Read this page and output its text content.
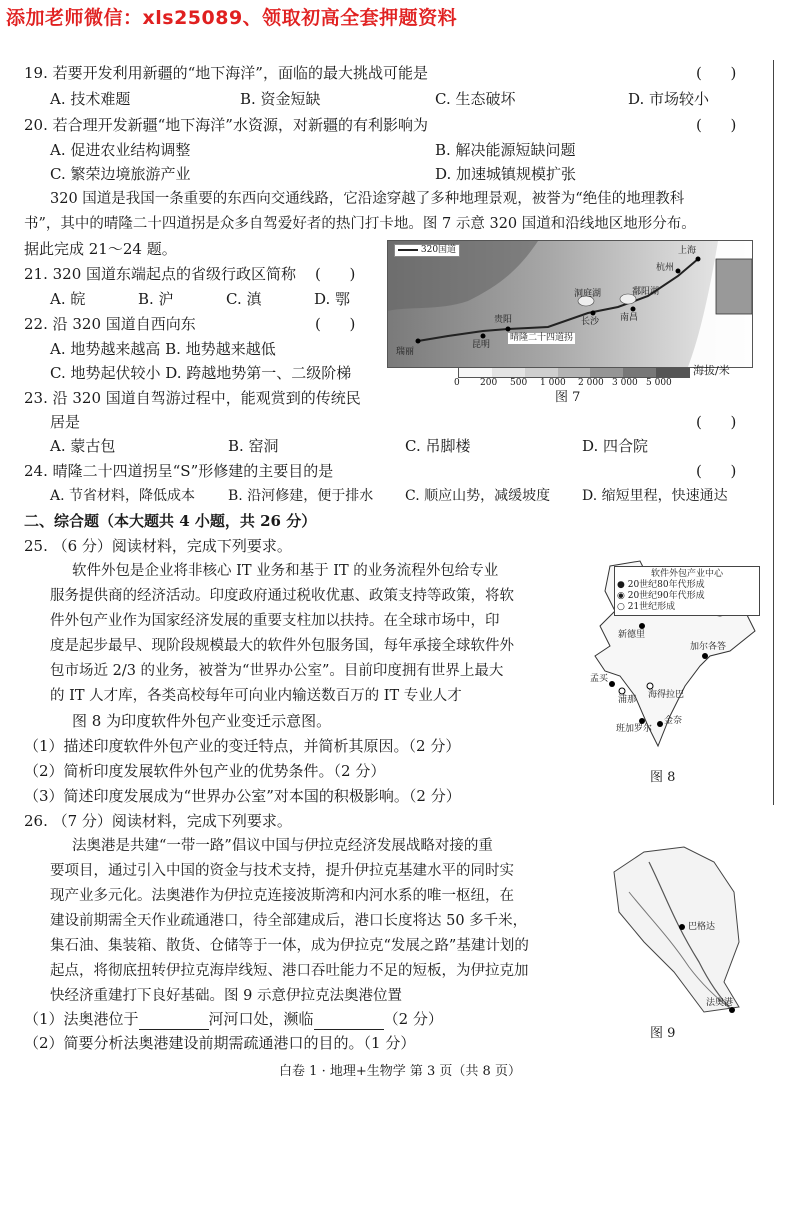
添加老师微信：xls25089、领取初高全套押题资料
19. 若要开发利用新疆的“地下海洋”，面临的最大挑战可能是	(      )
A. 技术难题	B. 资金短缺	C. 生态破坏	D. 市场较小
20. 若合理开发新疆“地下海洋”水资源，对新疆的有利影响为	(      )
A. 促进农业结构调整	B. 解决能源短缺问题
C. 繁荣边境旅游产业	D. 加速城镇规模扩张
320 国道是我国一条重要的东西向交通线路，它沿途穿越了多种地理景观，被誉为“绝佳的地理教科
书”，其中的晴隆二十四道拐是众多自驾爱好者的热门打卡地。图 7 示意 320 国道和沿线地区地形分布。
据此完成 21～24 题。
21. 320 国道东端起点的省级行政区简称 (      )
A. 皖	B. 沪	C. 滇	D. 鄂
22. 沿 320 国道自西向东	(      )
A. 地势越来越高 B. 地势越来越低
C. 地势起伏较小 D. 跨越地势第一、二级阶梯
23. 沿 320 国道自驾游过程中，能观赏到的传统民
居是	(      )
A. 蒙古包	B. 窑洞	C. 吊脚楼	D. 四合院
24. 晴隆二十四道拐呈“S”形修建的主要目的是	(      )
A. 节省材料，降低成本 B. 沿河修建，便于排水 C. 顺应山势，减缓坡度 D. 缩短里程，快速通达
320国道	上海
杭州
南昌
长沙
贵阳
晴隆二十四道拐
昆明
瑞丽
鄱阳湖
洞庭湖
0 200 500 1 000 2 000 3 000 5 000
海拔/米
图 7
二、综合题（本大题共 4 小题，共 26 分）
25. （6 分）阅读材料，完成下列要求。
软件外包是企业将非核心 IT 业务和基于 IT 的业务流程外包给专业
服务提供商的经济活动。印度政府通过税收优惠、政策支持等政策，将软
件外包产业作为国家经济发展的重要支柱加以扶持。在全球市场中，印
度是起步最早、现阶段规模最大的软件外包服务国，每年承接全球软件外
包市场近 2/3 的业务，被誉为“世界办公室”。目前印度拥有世界上最大
的 IT 人才库，各类高校每年可向业内输送数百万的 IT 专业人才
图 8 为印度软件外包产业变迁示意图。
（1）描述印度软件外包产业的变迁特点，并简析其原因。（2 分）
（2）简析印度发展软件外包产业的优势条件。（2 分）
（3）简述印度发展成为“世界办公室”对本国的积极影响。（2 分）
软件外包产业中心
● 20世纪80年代形成
◉ 20世纪90年代形成
○ 21世纪形成
新德里
加尔各答
孟买
浦那 海得拉巴
班加罗尔
金奈
图 8
26. （7 分）阅读材料，完成下列要求。
法奥港是共建“一带一路”倡议中国与伊拉克经济发展战略对接的重
要项目，通过引入中国的资金与技术支持，提升伊拉克基建水平的同时实
现产业多元化。法奥港作为伊拉克连接波斯湾和内河水系的唯一枢纽，在
建设前期需全天作业疏通港口，待全部建成后，港口长度将达 50 多千米，
集石油、集装箱、散货、仓储等于一体，成为伊拉克“发展之路”基建计划的
起点，将彻底扭转伊拉克海岸线短、港口吞吐能力不足的短板，为伊拉克加
快经济重建打下良好基础。图 9 示意伊拉克法奥港位置
（1）法奥港位于	河河口处，濒临	（2 分）
（2）简要分析法奥港建设前期需疏通港口的目的。（1 分）
巴格达
法奥港
图 9
白卷 1 · 地理+生物学 第 3 页（共 8 页）
